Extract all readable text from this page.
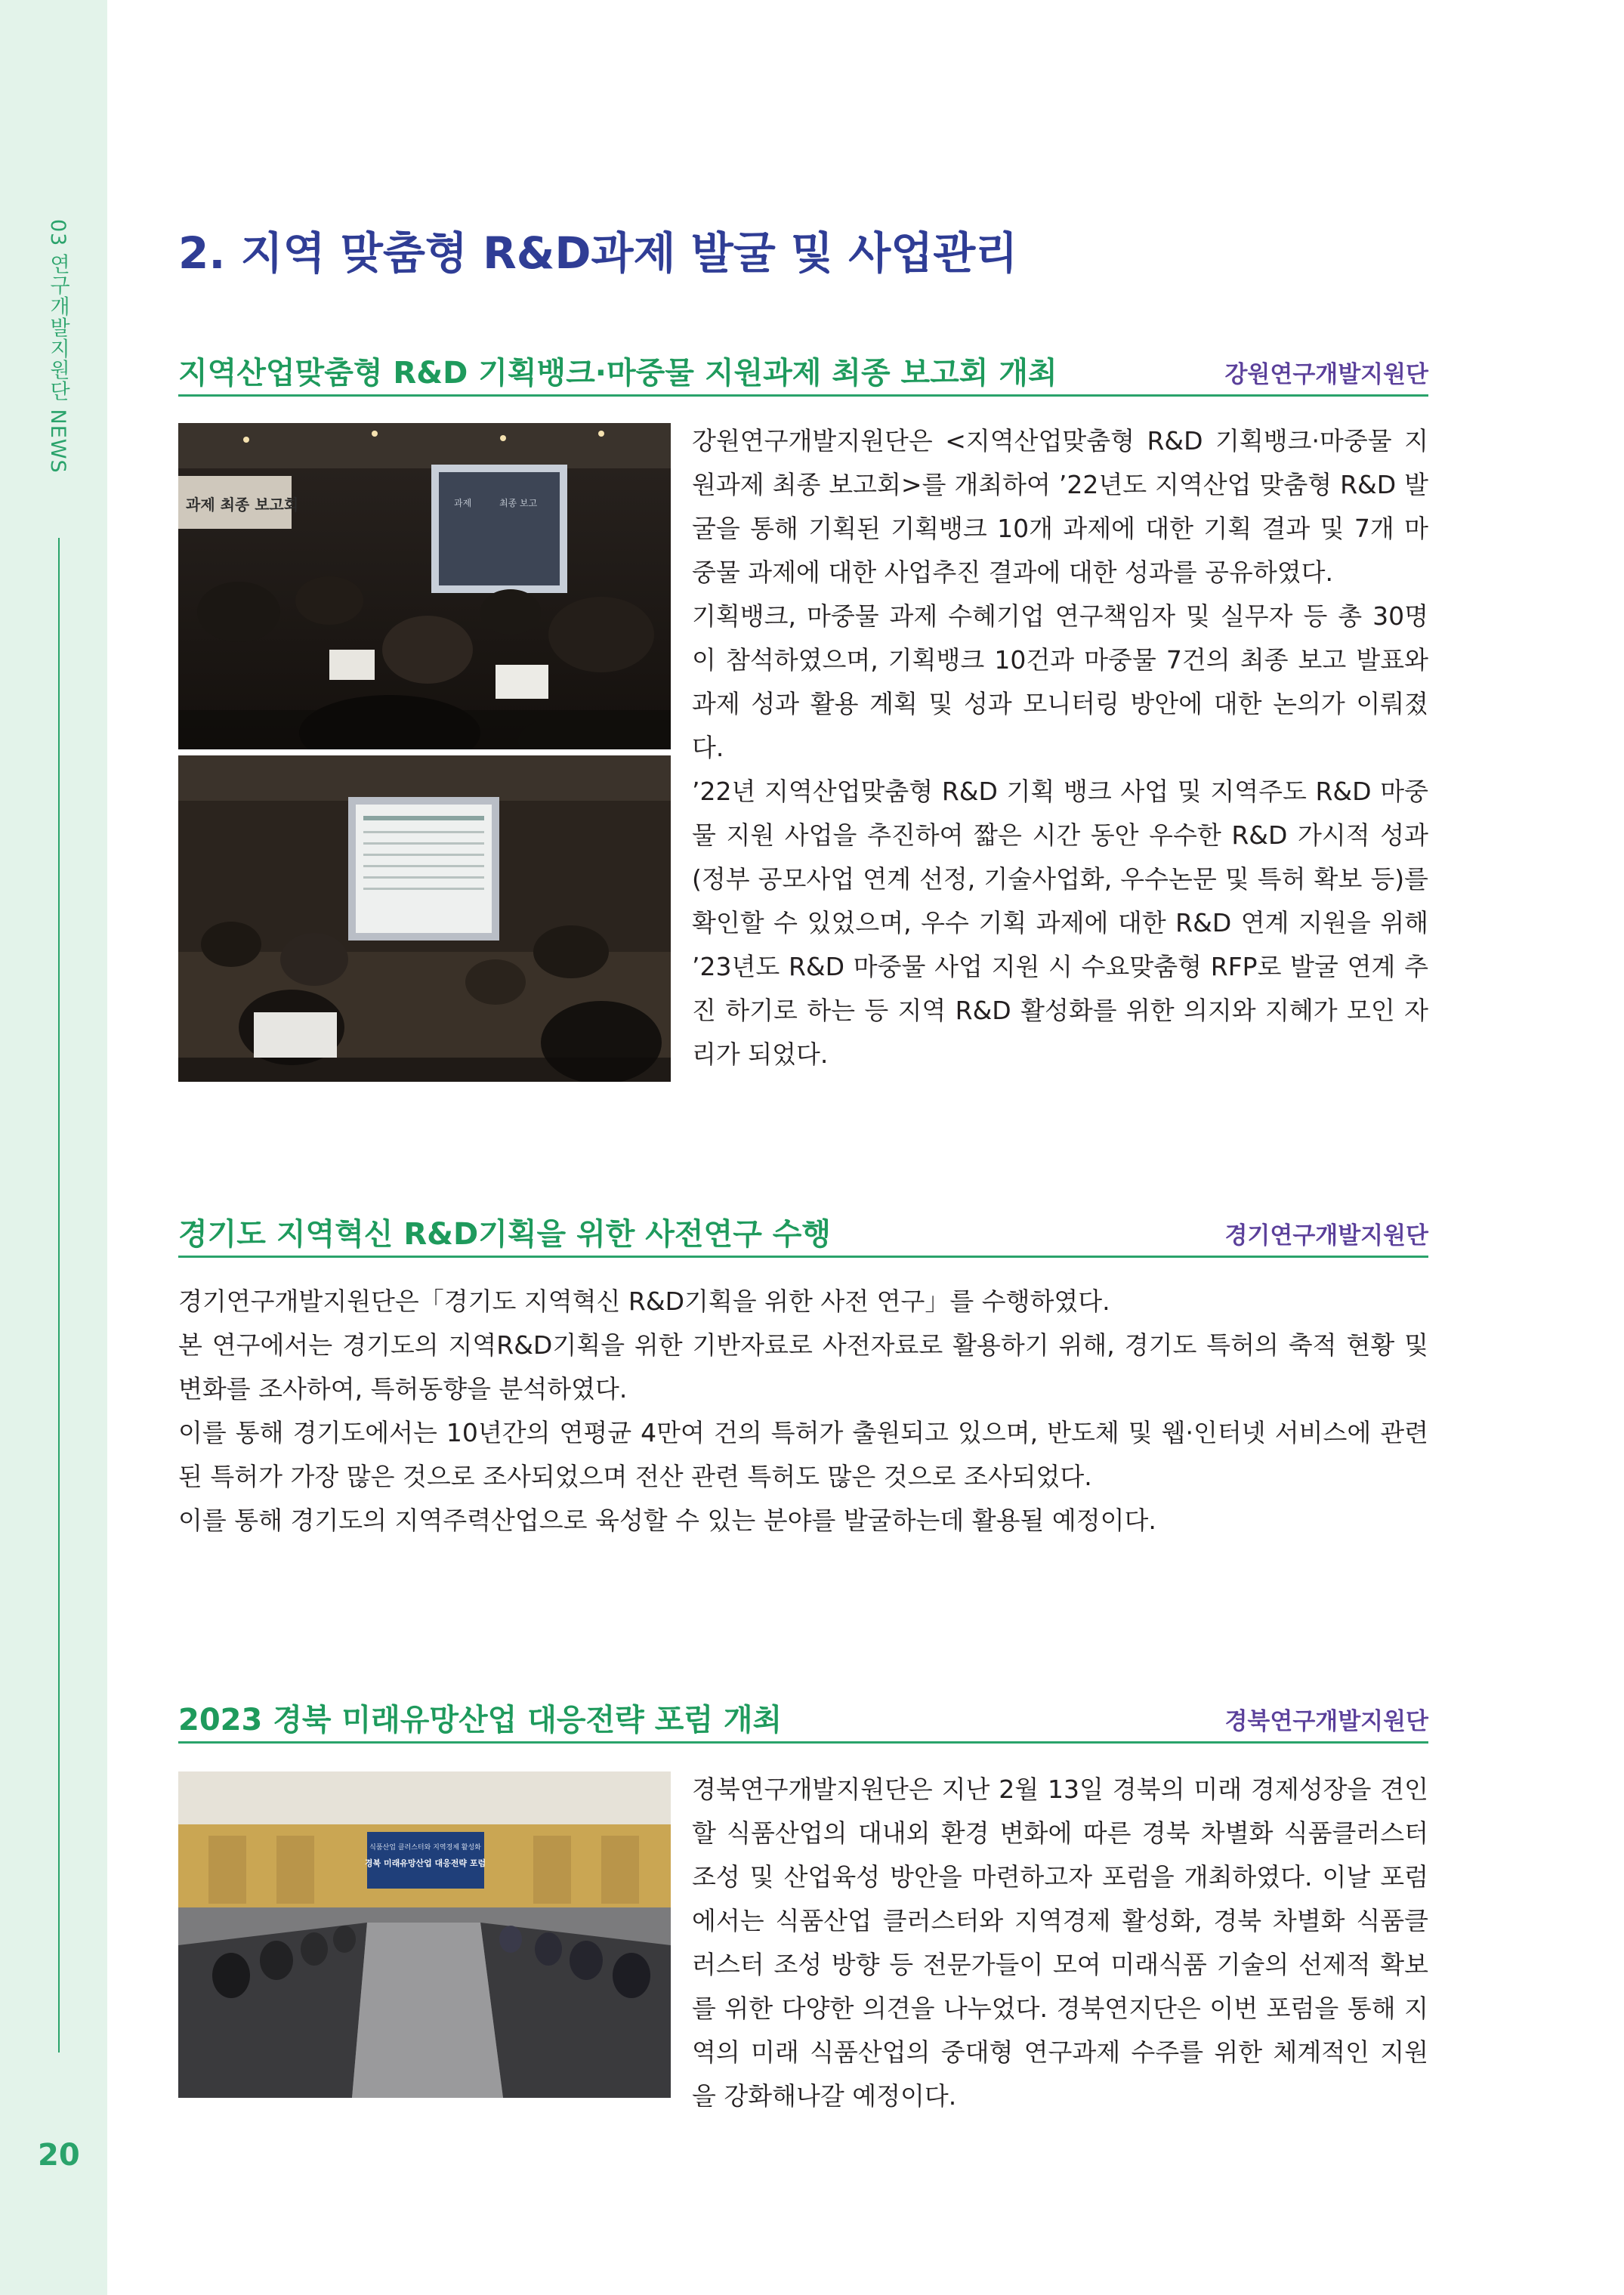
03 연구개발지원단 NEWS
20
2. 지역 맞춤형 R&D과제 발굴 및 사업관리
지역산업맞춤형 R&D 기획뱅크·마중물 지원과제 최종 보고회 개최	강원연구개발지원단
과제 최종 보고회	과제	최종 보고

강원연구개발지원단은 <지역산업맞춤형 R&D 기획뱅크·마중물 지원과제 최종 보고회>를 개최하여 ’22년도 지역산업 맞춤형 R&D 발굴을 통해 기획된 기획뱅크 10개 과제에 대한 기획 결과 및 7개 마중물 과제에 대한 사업추진 결과에 대한 성과를 공유하였다.

기획뱅크, 마중물 과제 수혜기업 연구책임자 및 실무자 등 총 30명이 참석하였으며, 기획뱅크 10건과 마중물 7건의 최종 보고 발표와 과제 성과 활용 계획 및 성과 모니터링 방안에 대한 논의가 이뤄졌다.

’22년 지역산업맞춤형 R&D 기획 뱅크 사업 및 지역주도 R&D 마중물 지원 사업을 추진하여 짧은 시간 동안 우수한 R&D 가시적 성과(정부 공모사업 연계 선정, 기술사업화, 우수논문 및 특허 확보 등)를 확인할 수 있었으며, 우수 기획 과제에 대한 R&D 연계 지원을 위해 ’23년도 R&D 마중물 사업 지원 시 수요맞춤형 RFP로 발굴 연계 추진 하기로 하는 등 지역 R&D 활성화를 위한 의지와 지혜가 모인 자리가 되었다.

경기도 지역혁신 R&D기획을 위한 사전연구 수행	경기연구개발지원단

경기연구개발지원단은「경기도 지역혁신 R&D기획을 위한 사전 연구」를 수행하였다.

본 연구에서는 경기도의 지역R&D기획을 위한 기반자료로 사전자료로 활용하기 위해, 경기도 특허의 축적 현황 및 변화를 조사하여, 특허동향을 분석하였다.

이를 통해 경기도에서는 10년간의 연평균 4만여 건의 특허가 출원되고 있으며, 반도체 및 웹·인터넷 서비스에 관련된 특허가 가장 많은 것으로 조사되었으며 전산 관련 특허도 많은 것으로 조사되었다.

이를 통해 경기도의 지역주력산업으로 육성할 수 있는 분야를 발굴하는데 활용될 예정이다.

2023 경북 미래유망산업 대응전략 포럼 개최	경북연구개발지원단
식품산업 클러스터와 지역경제 활성화
경북 미래유망산업 대응전략 포럼

경북연구개발지원단은 지난 2월 13일 경북의 미래 경제성장을 견인할 식품산업의 대내외 환경 변화에 따른 경북 차별화 식품클러스터 조성 및 산업육성 방안을 마련하고자 포럼을 개최하였다. 이날 포럼에서는 식품산업 클러스터와 지역경제 활성화, 경북 차별화 식품클러스터 조성 방향 등 전문가들이 모여 미래식품 기술의 선제적 확보를 위한 다양한 의견을 나누었다. 경북연지단은 이번 포럼을 통해 지역의 미래 식품산업의 중대형 연구과제 수주를 위한 체계적인 지원을 강화해나갈 예정이다.
